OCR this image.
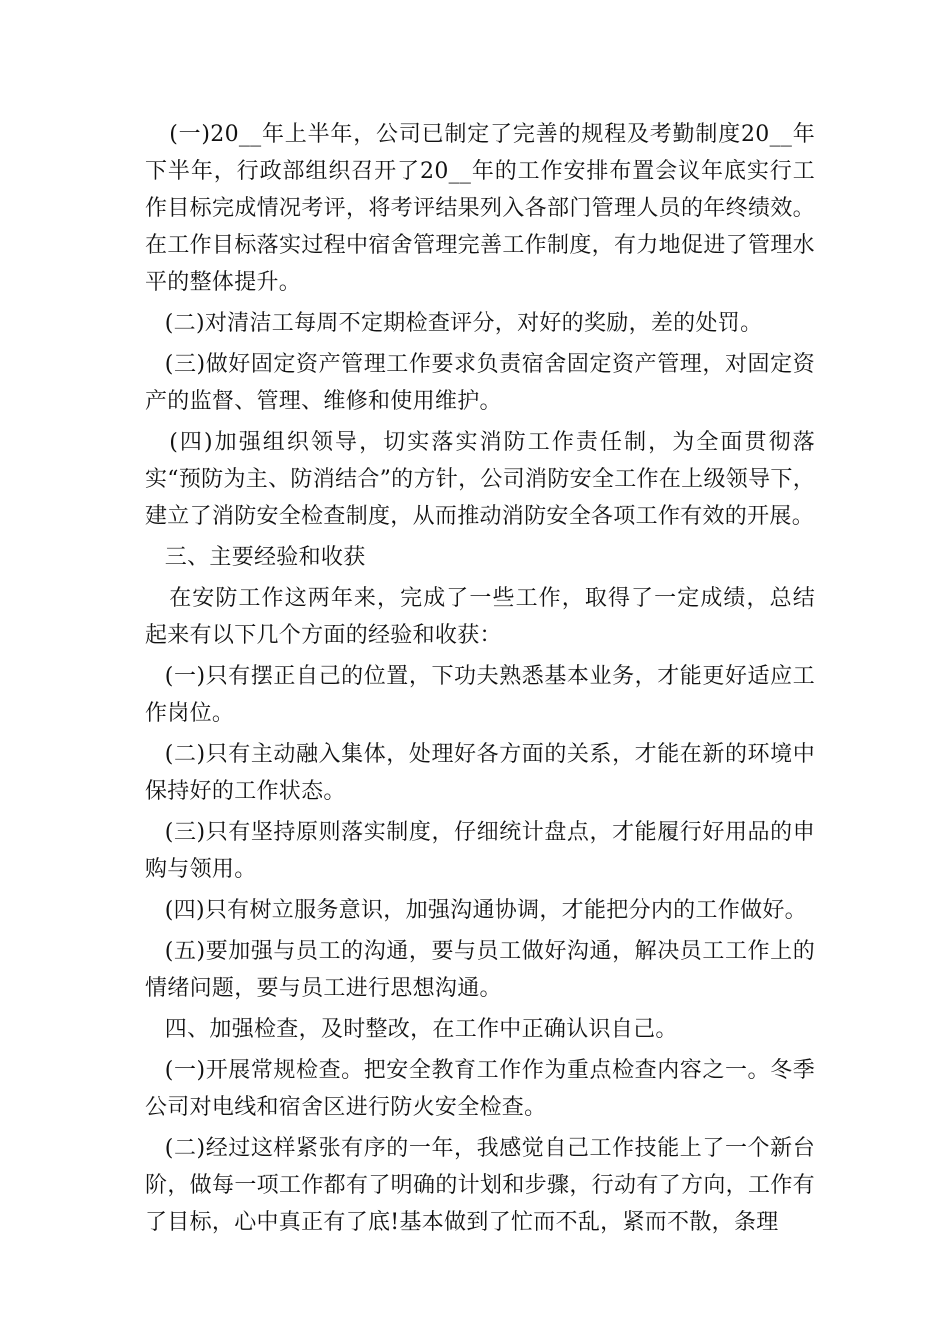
(一)20__年上半年，公司已制定了完善的规程及考勤制度20__年下半年，行政部组织召开了20__年的工作安排布置会议年底实行工作目标完成情况考评，将考评结果列入各部门管理人员的年终绩效。在工作目标落实过程中宿舍管理完善工作制度，有力地促进了管理水平的整体提升。

(二)对清洁工每周不定期检查评分，对好的奖励，差的处罚。

(三)做好固定资产管理工作要求负责宿舍固定资产管理，对固定资产的监督、管理、维修和使用维护。

(四)加强组织领导，切实落实消防工作责任制，为全面贯彻落实“预防为主、防消结合”的方针，公司消防安全工作在上级领导下，建立了消防安全检查制度，从而推动消防安全各项工作有效的开展。

三、主要经验和收获

在安防工作这两年来，完成了一些工作，取得了一定成绩，总结起来有以下几个方面的经验和收获：

(一)只有摆正自己的位置，下功夫熟悉基本业务，才能更好适应工作岗位。

(二)只有主动融入集体，处理好各方面的关系，才能在新的环境中保持好的工作状态。

(三)只有坚持原则落实制度，仔细统计盘点，才能履行好用品的申购与领用。

(四)只有树立服务意识，加强沟通协调，才能把分内的工作做好。

(五)要加强与员工的沟通，要与员工做好沟通，解决员工工作上的情绪问题，要与员工进行思想沟通。

四、加强检查，及时整改，在工作中正确认识自己。

(一)开展常规检查。把安全教育工作作为重点检查内容之一。冬季公司对电线和宿舍区进行防火安全检查。

(二)经过这样紧张有序的一年，我感觉自己工作技能上了一个新台阶，做每一项工作都有了明确的计划和步骤，行动有了方向，工作有了目标，心中真正有了底!基本做到了忙而不乱，紧而不散，条理
